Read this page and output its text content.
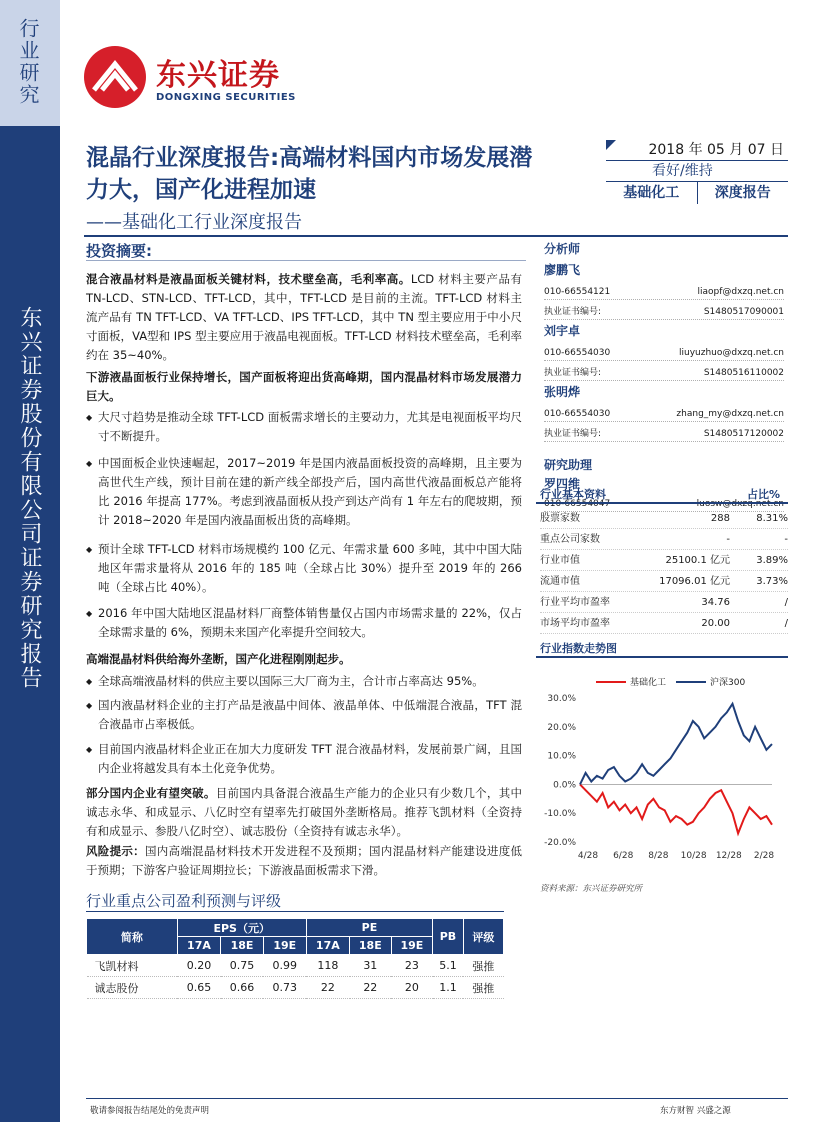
行业研究
东兴证券股份有限公司证券研究报告
东兴证券
DONGXING SECURITIES
混晶行业深度报告:高端材料国内市场发展潜力大，国产化进程加速
——基础化工行业深度报告
2018 年 05 月 07 日
看好/维持
基础化工	深度报告
投资摘要:
混合液晶材料是液晶面板关键材料，技术壁垒高，毛利率高。LCD 材料主要产品有 TN-LCD、STN-LCD、TFT-LCD，其中，TFT-LCD 是目前的主流。TFT-LCD 材料主流产品有 TN TFT-LCD、VA TFT-LCD、IPS TFT-LCD，其中 TN 型主要应用于中小尺寸面板，VA型和 IPS 型主要应用于液晶电视面板。TFT-LCD 材料技术壁垒高，毛利率约在 35~40%。
下游液晶面板行业保持增长，国产面板将迎出货高峰期，国内混晶材料市场发展潜力巨大。
◆ 大尺寸趋势是推动全球 TFT-LCD 面板需求增长的主要动力，尤其是电视面板平均尺寸不断提升。
◆ 中国面板企业快速崛起，2017~2019 年是国内液晶面板投资的高峰期，且主要为高世代生产线，预计目前在建的新产线全部投产后，国内高世代液晶面板总产能将比 2016 年提高 177%。考虑到液晶面板从投产到达产尚有 1 年左右的爬坡期，预计 2018~2020 年是国内液晶面板出货的高峰期。
◆ 预计全球 TFT-LCD 材料市场规模约 100 亿元、年需求量 600 多吨，其中中国大陆地区年需求量将从 2016 年的 185 吨（全球占比 30%）提升至 2019 年的 266 吨（全球占比 40%）。
◆ 2016 年中国大陆地区混晶材料厂商整体销售量仅占国内市场需求量的 22%，仅占全球需求量的 6%，预期未来国产化率提升空间较大。
高端混晶材料供给海外垄断，国产化进程刚刚起步。
◆ 全球高端液晶材料的供应主要以国际三大厂商为主，合计市占率高达 95%。
◆ 国内液晶材料企业的主打产品是液晶中间体、液晶单体、中低端混合液晶，TFT 混合液晶市占率极低。
◆ 目前国内液晶材料企业正在加大力度研发 TFT 混合液晶材料，发展前景广阔，且国内企业将越发具有本土化竞争优势。
部分国内企业有望突破。目前国内具备混合液晶生产能力的企业只有少数几个，其中诚志永华、和成显示、八亿时空有望率先打破国外垄断格局。推荐飞凯材料（全资持有和成显示、参股八亿时空）、诚志股份（全资持有诚志永华）。
风险提示：国内高端混晶材料技术开发进程不及预期；国内混晶材料产能建设进度低于预期；下游客户验证周期拉长；下游液晶面板需求下滑。
分析师
廖鹏飞
010-66554121	liaopf@dxzq.net.cn
执业证书编号:	S1480517090001
刘宇卓
010-66554030	liuyuzhuo@dxzq.net.cn
执业证书编号:	S1480516110002
张明烨
010-66554030	zhang_my@dxzq.net.cn
执业证书编号:	S1480517120002
研究助理
罗四维
010-66554047	luosw@dxzq.net.cn
行业基本资料	占比%
股票家数	288	8.31%
重点公司家数	-	-
行业市值	25100.1 亿元	3.89%
流通市值	17096.01 亿元	3.73%
行业平均市盈率	34.76	/
市场平均市盈率	20.00	/
行业指数走势图
30.0%
20.0%
10.0%
0.0%
-10.0%
-20.0%
4/28 6/28 8/28 10/28 12/28 2/28
基础化工	沪深300
资料来源：东兴证券研究所
行业重点公司盈利预测与评级
简称	EPS（元）			PE			PB	评级
	17A	18E	19E	17A	18E	19E		
飞凯材料	0.20	0.75	0.99	118	31	23	5.1	强推
诚志股份	0.65	0.66	0.73	22	22	20	1.1	强推
敬请参阅报告结尾处的免责声明	东方财智 兴盛之源
